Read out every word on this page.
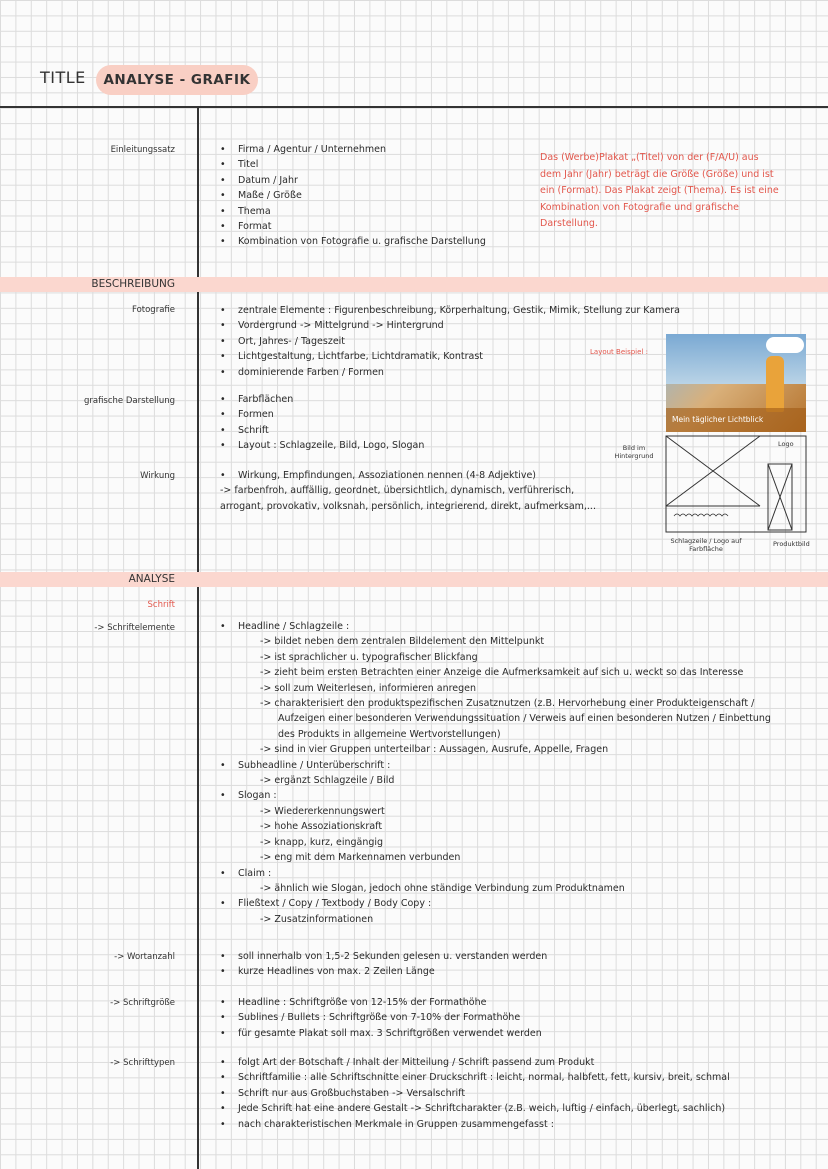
TITLE	ANALYSE - GRAFIK
Einleitungssatz	• Firma / Agentur / Unternehmen
• Titel
• Datum / Jahr
• Maße / Größe
• Thema
• Format
• Kombination von Fotografie u. grafische Darstellung
Das (Werbe)Plakat „(Titel) von der (F/A/U) aus dem Jahr (Jahr) beträgt die Größe (Größe) und ist ein (Format). Das Plakat zeigt (Thema). Es ist eine Kombination von Fotografie und grafische Darstellung.
BESCHREIBUNG
Fotografie	• zentrale Elemente : Figurenbeschreibung, Körperhaltung, Gestik, Mimik, Stellung zur Kamera
• Vordergrund -> Mittelgrund -> Hintergrund
• Ort, Jahres- / Tageszeit
• Lichtgestaltung, Lichtfarbe, Lichtdramatik, Kontrast
• dominierende Farben / Formen
grafische Darstellung	• Farbflächen
• Formen
• Schrift
• Layout : Schlagzeile, Bild, Logo, Slogan
Wirkung	• Wirkung, Empfindungen, Assoziationen nennen (4-8 Adjektive)
-> farbenfroh, auffällig, geordnet, übersichtlich, dynamisch, verführerisch,
arrogant, provokativ, volksnah, persönlich, integrierend, direkt, aufmerksam,...
Layout Beispiel :
Mein täglicher Lichtblick
Bild im Hintergrund
Logo
Schlagzeile / Logo auf Farbfläche
Produktbild
ANALYSE
Schrift
-> Schriftelemente	• Headline / Schlagzeile :
-> bildet neben dem zentralen Bildelement den Mittelpunkt
-> ist sprachlicher u. typografischer Blickfang
-> zieht beim ersten Betrachten einer Anzeige die Aufmerksamkeit auf sich u. weckt so das Interesse
-> soll zum Weiterlesen, informieren anregen
-> charakterisiert den produktspezifischen Zusatznutzen (z.B. Hervorhebung einer Produkteigenschaft /
Aufzeigen einer besonderen Verwendungssituation / Verweis auf einen besonderen Nutzen / Einbettung
des Produkts in allgemeine Wertvorstellungen)
-> sind in vier Gruppen unterteilbar : Aussagen, Ausrufe, Appelle, Fragen
• Subheadline / Unterüberschrift :
-> ergänzt Schlagzeile / Bild
• Slogan :
-> Wiedererkennungswert
-> hohe Assoziationskraft
-> knapp, kurz, eingängig
-> eng mit dem Markennamen verbunden
• Claim :
-> ähnlich wie Slogan, jedoch ohne ständige Verbindung zum Produktnamen
• Fließtext / Copy / Textbody / Body Copy :
-> Zusatzinformationen
-> Wortanzahl	• soll innerhalb von 1,5-2 Sekunden gelesen u. verstanden werden
• kurze Headlines von max. 2 Zeilen Länge
-> Schriftgröße	• Headline : Schriftgröße von 12-15% der Formathöhe
• Sublines / Bullets : Schriftgröße von 7-10% der Formathöhe
• für gesamte Plakat soll max. 3 Schriftgrößen verwendet werden
-> Schrifttypen	• folgt Art der Botschaft / Inhalt der Mitteilung / Schrift passend zum Produkt
• Schriftfamilie : alle Schriftschnitte einer Druckschrift : leicht, normal, halbfett, fett, kursiv, breit, schmal
• Schrift nur aus Großbuchstaben -> Versalschrift
• Jede Schrift hat eine andere Gestalt -> Schriftcharakter (z.B. weich, luftig / einfach, überlegt, sachlich)
• nach charakteristischen Merkmale in Gruppen zusammengefasst :
